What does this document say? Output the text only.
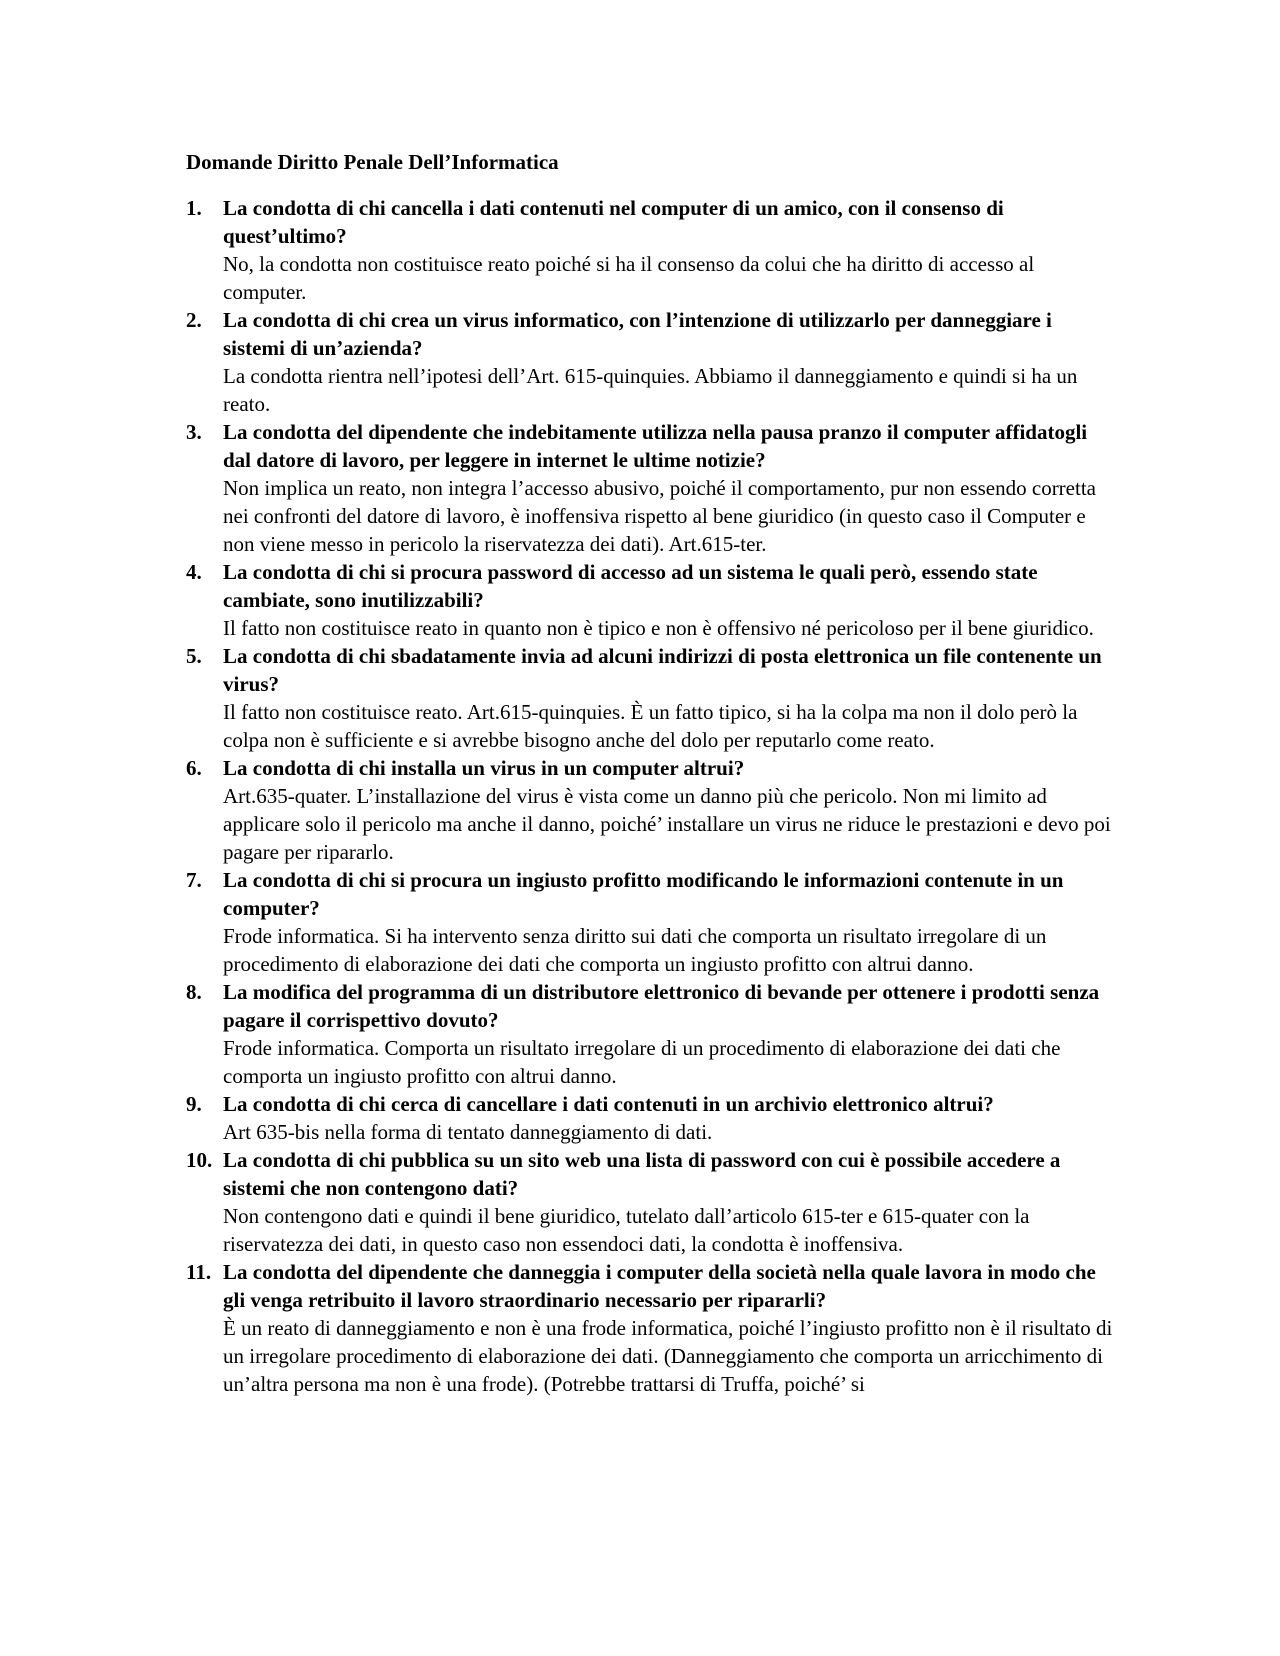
Domande Diritto Penale Dell’Informatica
1. La condotta di chi cancella i dati contenuti nel computer di un amico, con il consenso di quest’ultimo?

No, la condotta non costituisce reato poiché si ha il consenso da colui che ha diritto di accesso al computer.

2. La condotta di chi crea un virus informatico, con l’intenzione di utilizzarlo per danneggiare i sistemi di un’azienda?

La condotta rientra nell’ipotesi dell’Art. 615-quinquies. Abbiamo il danneggiamento e quindi si ha un reato.

3. La condotta del dipendente che indebitamente utilizza nella pausa pranzo il computer affidatogli dal datore di lavoro, per leggere in internet le ultime notizie?

Non implica un reato, non integra l’accesso abusivo, poiché il comportamento, pur non essendo corretta nei confronti del datore di lavoro, è inoffensiva rispetto al bene giuridico (in questo caso il Computer e non viene messo in pericolo la riservatezza dei dati). Art.615-ter.

4. La condotta di chi si procura password di accesso ad un sistema le quali però, essendo state cambiate, sono inutilizzabili?

Il fatto non costituisce reato in quanto non è tipico e non è offensivo né pericoloso per il bene giuridico.

5. La condotta di chi sbadatamente invia ad alcuni indirizzi di posta elettronica un file contenente un virus?

Il fatto non costituisce reato. Art.615-quinquies. È un fatto tipico, si ha la colpa ma non il dolo però la colpa non è sufficiente e si avrebbe bisogno anche del dolo per reputarlo come reato.

6. La condotta di chi installa un virus in un computer altrui?

Art.635-quater. L’installazione del virus è vista come un danno più che pericolo. Non mi limito ad applicare solo il pericolo ma anche il danno, poiché’ installare un virus ne riduce le prestazioni e devo poi pagare per ripararlo.

7. La condotta di chi si procura un ingiusto profitto modificando le informazioni contenute in un computer?

Frode informatica. Si ha intervento senza diritto sui dati che comporta un risultato irregolare di un procedimento di elaborazione dei dati che comporta un ingiusto profitto con altrui danno.

8. La modifica del programma di un distributore elettronico di bevande per ottenere i prodotti senza pagare il corrispettivo dovuto?

Frode informatica. Comporta un risultato irregolare di un procedimento di elaborazione dei dati che comporta un ingiusto profitto con altrui danno.

9. La condotta di chi cerca di cancellare i dati contenuti in un archivio elettronico altrui?

Art 635-bis nella forma di tentato danneggiamento di dati.

10. La condotta di chi pubblica su un sito web una lista di password con cui è possibile accedere a sistemi che non contengono dati?

Non contengono dati e quindi il bene giuridico, tutelato dall’articolo 615-ter e 615-quater con la riservatezza dei dati, in questo caso non essendoci dati, la condotta è inoffensiva.

11. La condotta del dipendente che danneggia i computer della società nella quale lavora in modo che gli venga retribuito il lavoro straordinario necessario per ripararli?

È un reato di danneggiamento e non è una frode informatica, poiché l’ingiusto profitto non è il risultato di un irregolare procedimento di elaborazione dei dati. (Danneggiamento che comporta un arricchimento di un’altra persona ma non è una frode). (Potrebbe trattarsi di Truffa, poiché’ si
